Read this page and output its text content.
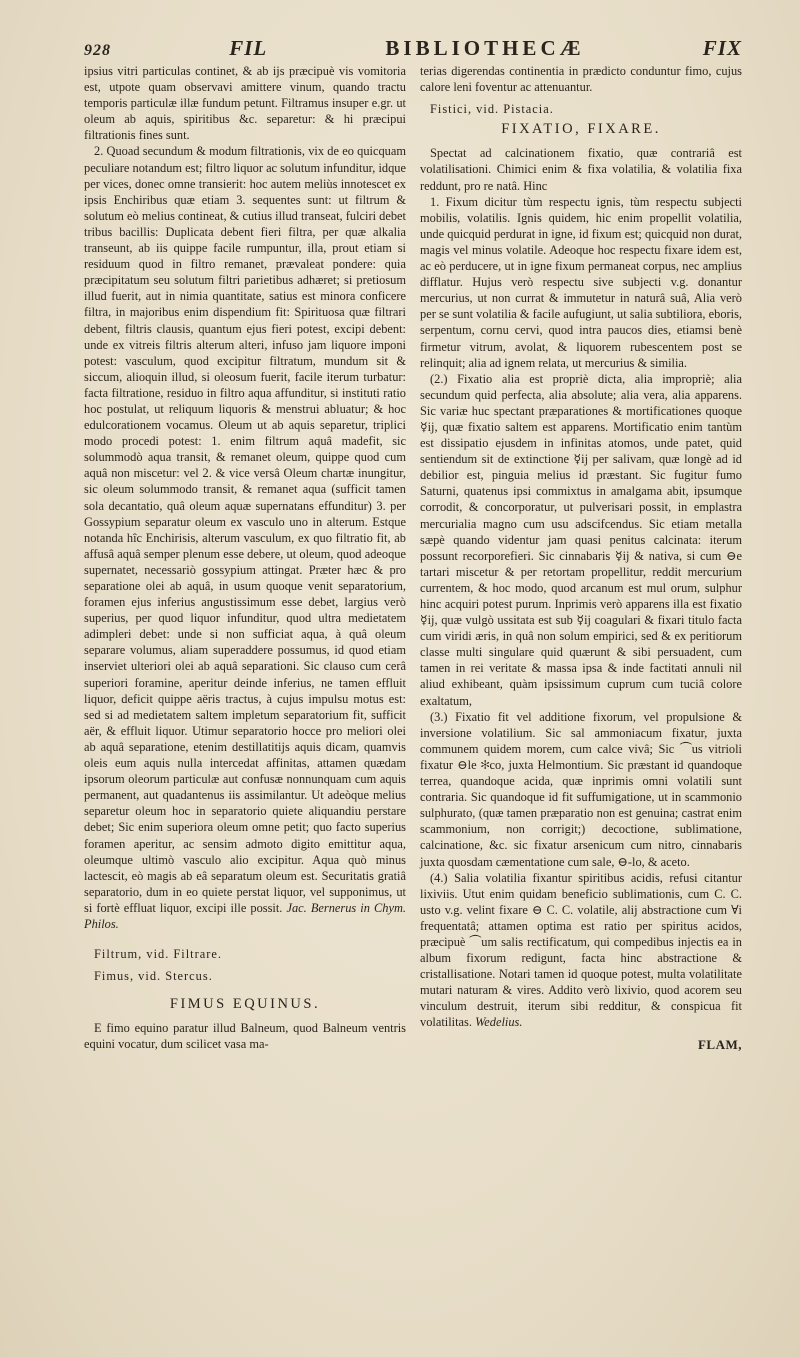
928	FIL	BIBLIOTHECÆ	FIX

ipsius vitri particulas continet, & ab ijs præcipuè vis vomitoria est, utpote quam observavi amittere vinum, quando tractu temporis particulæ illæ fundum petunt. Filtramus insuper e.gr. ut oleum ab aquis, spiritibus &c. separetur: & hi præcipui filtrationis fines sunt.

2. Quoad secundum & modum filtrationis, vix de eo quicquam peculiare notandum est; filtro liquor ac solutum infunditur, idque per vices, donec omne transierit: hoc autem meliùs innotescet ex ipsis Enchiribus quæ etiam 3. sequentes sunt: ut filtrum & solutum eò melius contineat, & cutius illud transeat, fulciri debet tribus bacillis: Duplicata debent fieri filtra, per quæ alkalia transeunt, ab iis quippe facile rumpuntur, illa, prout etiam si residuum quod in filtro remanet, prævaleat pondere: quia præcipitatum seu solutum filtri parietibus adhæret; si pretiosum illud fuerit, aut in nimia quantitate, satius est minora conficere filtra, in majoribus enim dispendium fit: Spirituosa quæ filtrari debent, filtris clausis, quantum ejus fieri potest, excipi debent: unde ex vitreis filtris alterum alteri, infuso jam liquore imponi potest: vasculum, quod excipitur filtratum, mundum sit & siccum, alioquin illud, si oleosum fuerit, facile iterum turbatur: facta filtratione, residuo in filtro aqua affunditur, si instituti ratio hoc postulat, ut reliquum liquoris & menstrui abluatur; & hoc edulcorationem vocamus. Oleum ut ab aquis separetur, triplici modo procedi potest: 1. enim filtrum aquâ madefit, sic solummodò aqua transit, & remanet oleum, quippe quod cum aquâ non miscetur: vel 2. & vice versâ Oleum chartæ inungitur, sic oleum solummodo transit, & remanet aqua (sufficit tamen sola decantatio, quâ oleum aquæ supernatans effunditur) 3. per Gossypium separatur oleum ex vasculo uno in alterum. Estque notanda hîc Enchirisis, alterum vasculum, ex quo filtratio fit, ab affusâ aquâ semper plenum esse debere, ut oleum, quod adeoque supernatet, necessariò gossypium attingat. Præter hæc & pro separatione olei ab aquâ, in usum quoque venit separatorium, foramen ejus inferius angustissimum esse debet, largius verò superius, per quod liquor infunditur, quod ultra medietatem adimpleri debet: unde si non sufficiat aqua, à quâ oleum separare volumus, aliam superaddere possumus, id quod etiam inserviet ulteriori olei ab aquâ separationi. Sic clauso cum cerâ superiori foramine, aperitur deinde inferius, ne tamen effluit liquor, deficit quippe aëris tractus, à cujus impulsu motus est: sed si ad medietatem saltem impletum separatorium fit, sufficit aër, & effluit liquor. Utimur separatorio hocce pro meliori olei ab aquâ separatione, etenim destillatitijs aquis dicam, quamvis oleis eum aquis nulla intercedat affinitas, attamen quædam ipsorum oleorum particulæ aut confusæ nonnunquam cum aquis permanent, aut quadantenus iis assimilantur. Ut adeòque melius separetur oleum hoc in separatorio quiete aliquandiu perstare debet; Sic enim superiora oleum omne petit; quo facto superius foramen aperitur, ac sensim admoto digito emittitur aqua, oleumque ultimò vasculo alio excipitur. Aqua quò minus lactescit, eò magis ab eâ separatum oleum est. Securitatis gratiâ separatorio, dum in eo quiete perstat liquor, vel supponimus, ut si fortè effluat liquor, excipi ille possit. Jac. Bernerus in Chym. Philos.

Filtrum, vid. Filtrare.

Fimus, vid. Stercus.

FIMUS EQUINUS.

E fimo equino paratur illud Balneum, quod Balneum ventris equini vocatur, dum scilicet vasa ma-

terias digerendas continentia in prædicto conduntur fimo, cujus calore leni foventur ac attenuantur.

Fistici, vid. Pistacia.

FIXATIO, FIXARE.

Spectat ad calcinationem fixatio, quæ contrariâ est volatilisationi. Chimici enim & fixa volatilia, & volatilia fixa reddunt, pro re natâ. Hinc

1. Fixum dicitur tùm respectu ignis, tùm respectu subjecti mobilis, volatilis. Ignis quidem, hic enim propellit volatilia, unde quicquid perdurat in igne, id fixum est; quicquid non durat, magis vel minus volatile. Adeoque hoc respectu fixare idem est, ac eò perducere, ut in igne fixum permaneat corpus, nec amplius difflatur. Hujus verò respectu sive subjecti v.g. donantur mercurius, ut non currat & immutetur in naturâ suâ, Alia verò per se sunt volatilia & facile aufugiunt, ut salia subtiliora, eboris, serpentum, cornu cervi, quod intra paucos dies, etiamsi benè firmetur vitrum, avolat, & liquorem rubescentem post se relinquit; alia ad ignem relata, ut mercurius & similia.

(2.) Fixatio alia est propriè dicta, alia impropriè; alia secundum quid perfecta, alia absolute; alia vera, alia apparens. Sic variæ huc spectant præparationes & mortificationes quoque ☿ij, quæ fixatio saltem est apparens. Mortificatio enim tantùm est dissipatio ejusdem in infinitas atomos, unde patet, quid sentiendum sit de extinctione ☿ij per salivam, quæ longè ad id debilior est, pinguia melius id præstant. Sic fugitur fumo Saturni, quatenus ipsi commixtus in amalgama abit, ipsumque corrodit, & concorporatur, ut pulverisari possit, in emplastra mercurialia magno cum usu adscifcendus. Sic etiam metalla sæpè quando videntur jam quasi penitus calcinata: iterum possunt recorporefieri. Sic cinnabaris ☿ij & nativa, si cum ⊖e tartari miscetur & per retortam propellitur, reddit mercurium currentem, & hoc modo, quod arcanum est mul orum, sulphur hinc acquiri potest purum. Inprimis verò apparens illa est fixatio ☿ij, quæ vulgò ussitata est sub ☿ij coagulari & fixari titulo facta cum viridi æris, in quâ non solum empirici, sed & ex peritiorum classe multi singulare quid quærunt & sibi persuadent, cum tamen in rei veritate & massa ipsa & inde factitati annuli nil aliud exhibeant, quàm ipsissimum cuprum cum tuciâ colore exaltatum,

(3.) Fixatio fit vel additione fixorum, vel propulsione & inversione volatilium. Sic sal ammoniacum fixatur, juxta communem quidem morem, cum calce vivâ; Sic ⏜us vitrioli fixatur ⊖le ✻co, juxta Helmontium. Sic præstant id quandoque terrea, quandoque acida, quæ inprimis omni volatili sunt contraria. Sic quandoque id fit suffumigatione, ut in scammonio sulphurato, (quæ tamen præparatio non est genuina; castrat enim scammonium, non corrigit;) decoctione, sublimatione, calcinatione, &c. sic fixatur arsenicum cum nitro, cinnabaris juxta quosdam cæmentatione cum sale, ⊖-lo, & aceto.

(4.) Salia volatilia fixantur spiritibus acidis, refusi citantur lixiviis. Utut enim quidam beneficio sublimationis, cum C. C. usto v.g. velint fixare ⊖ C. C. volatile, alij abstractione cum ∀i frequentatâ; attamen optima est ratio per spiritus acidos, præcipuè ⏜um salis rectificatum, qui compedibus injectis ea in album fixorum redigunt, facta hinc abstractione & cristallisatione. Notari tamen id quoque potest, multa volatilitate mutari naturam & vires. Addito verò lixivio, quod acorem seu vinculum destruit, iterum sibi redditur, & conspicua fit volatilitas. Wedelius.

FLAM,
